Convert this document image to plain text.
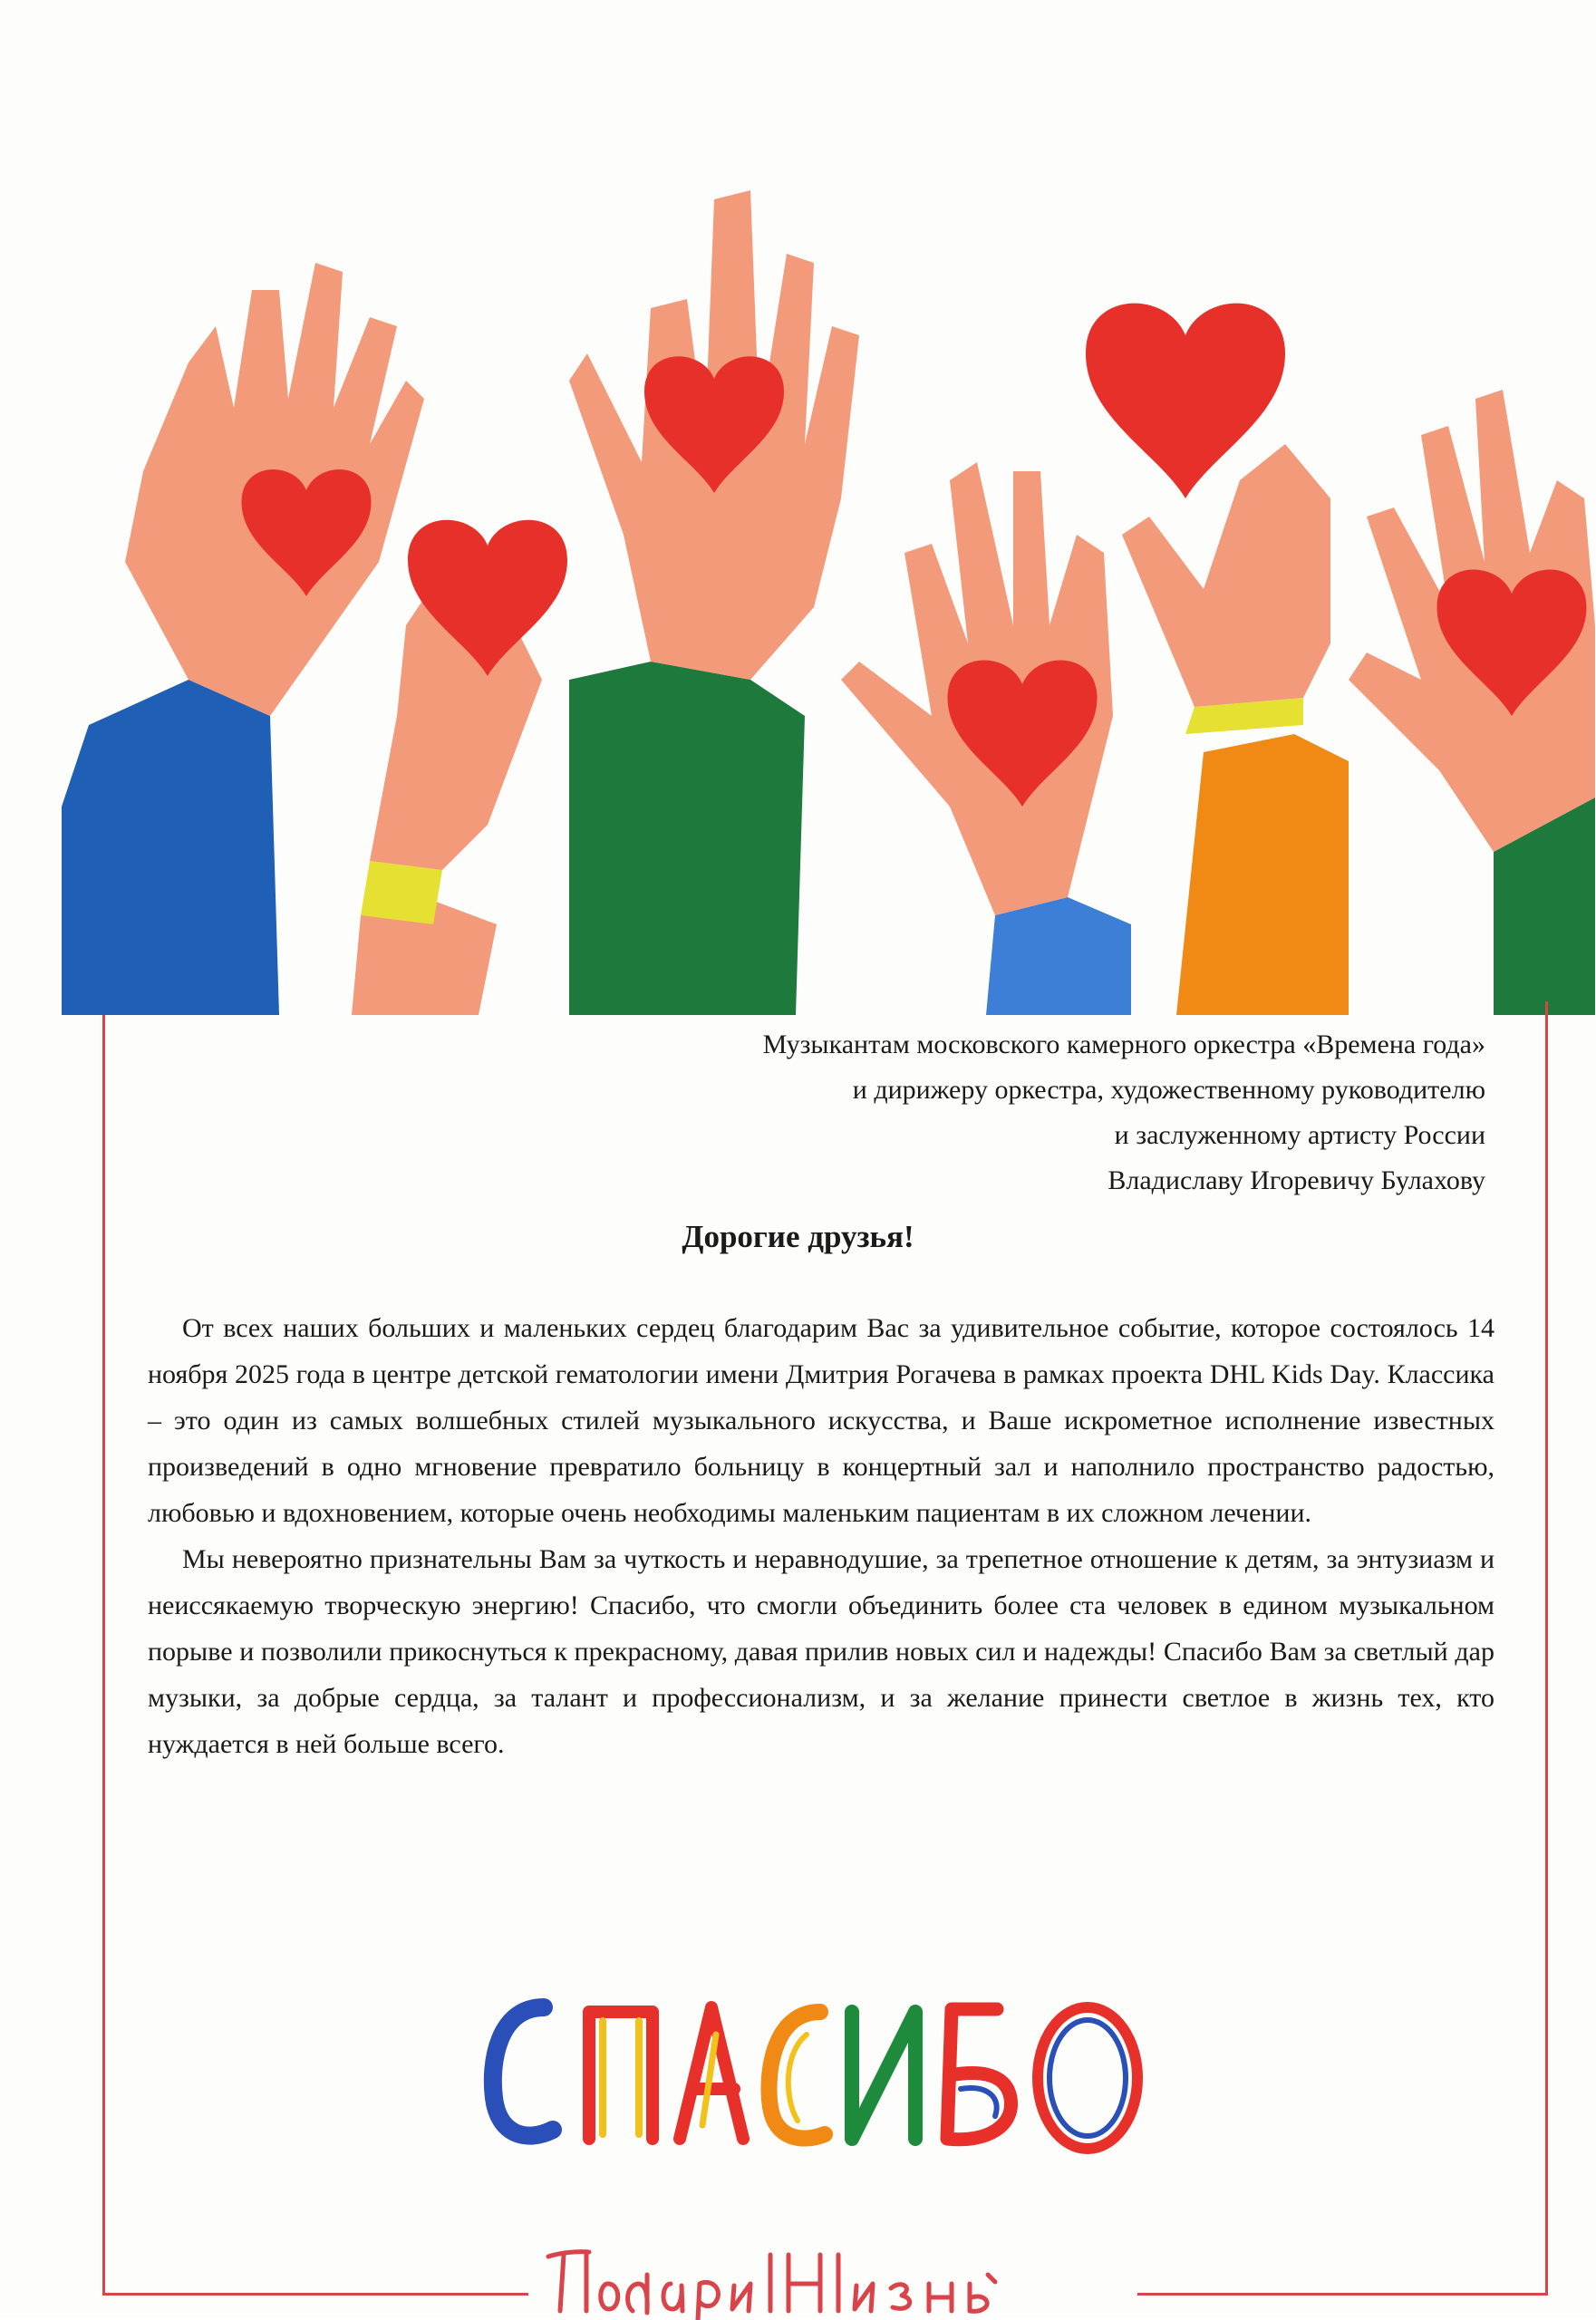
Музыкантам московского камерного оркестра «Времена года»
и дирижеру оркестра, художественному руководителю
и заслуженному артисту России
Владиславу Игоревичу Булахову
Дорогие друзья!

От всех наших больших и маленьких сердец благодарим Вас за удивительное событие, которое состоялось 14 ноября 2025 года в центре детской гематологии имени Дмитрия Рогачева в рамках проекта DHL Kids Day. Классика – это один из самых волшебных стилей музыкального искусства, и Ваше искрометное исполнение известных произведений в одно мгновение превратило больницу в концертный зал и наполнило пространство радостью, любовью и вдохновением, которые очень необходимы маленьким пациентам в их сложном лечении.

Мы невероятно признательны Вам за чуткость и неравнодушие, за трепетное отношение к детям, за энтузиазм и неиссякаемую творческую энергию! Спасибо, что смогли объединить более ста человек в едином музыкальном порыве и позволили прикоснуться к прекрасному, давая прилив новых сил и надежды! Спасибо Вам за светлый дар музыки, за добрые сердца, за талант и профессионализм, и за желание принести светлое в жизнь тех, кто нуждается в ней больше всего.
